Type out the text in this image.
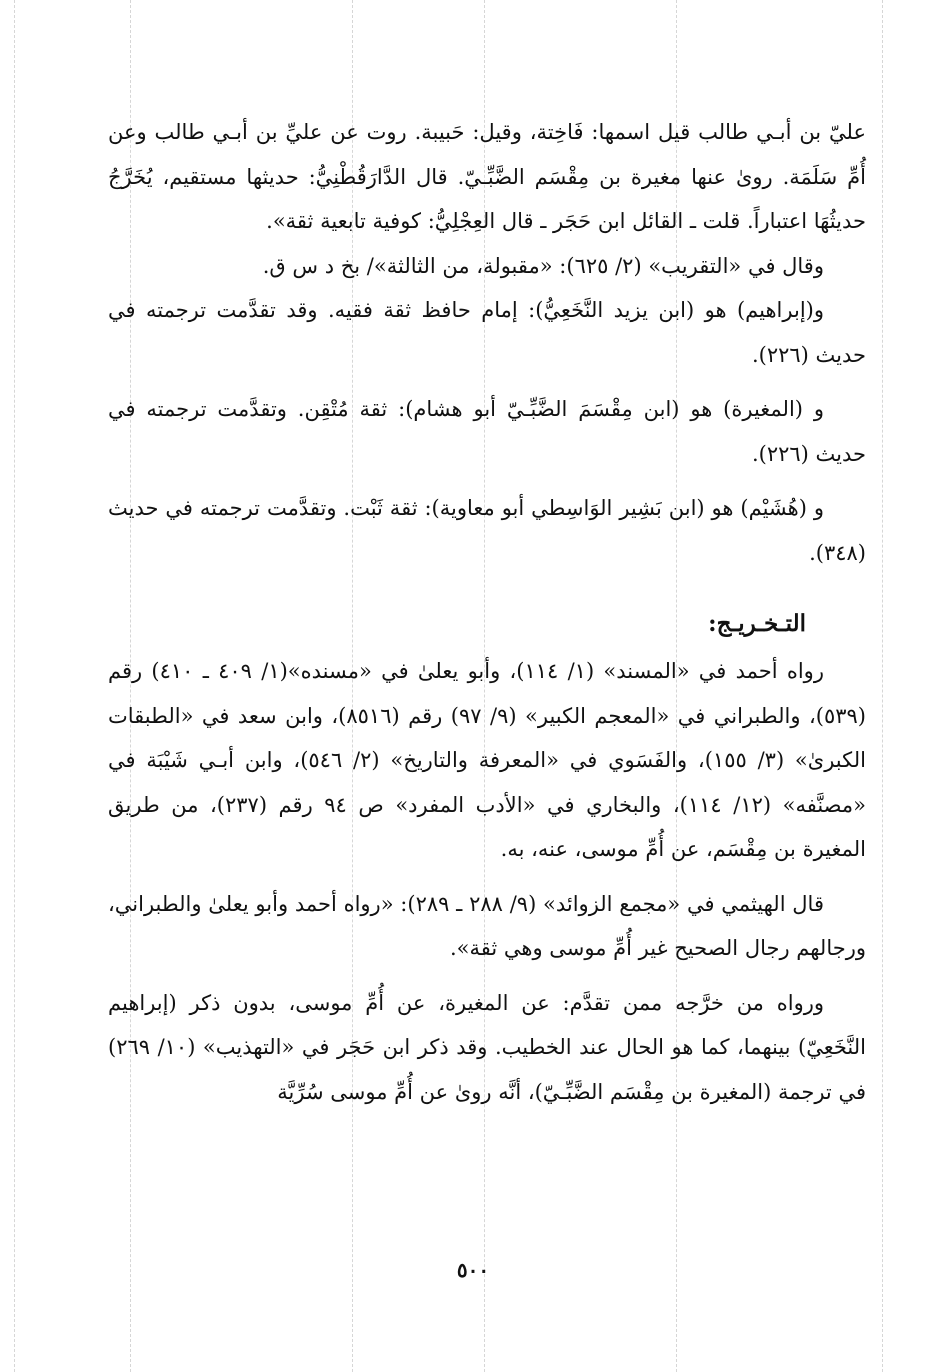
عليّ بن أبـي طالب قيل اسمها: فَاخِتة، وقيل: حَبيبة. روت عن عليِّ بن أبـي طالب وعن أُمِّ سَلَمَة. روىٰ عنها مغيرة بن مِقْسَم الضَّبِّـيّ. قال الدَّارَقُطْنِيُّ: حديثها مستقيم، يُخَرَّجُ حديثُهَا اعتباراً. قلت ـ القائل ابن حَجَر ـ قال العِجْلِيُّ: كوفية تابعية ثقة».

وقال في «التقريب» (٢/ ٦٢٥): «مقبولة، من الثالثة»/ بخ د س ق.

و(إبراهيم) هو (ابن يزيد النَّخَعِيُّ): إمام حافظ ثقة فقيه. وقد تقدَّمت ترجمته في حديث (٢٢٦).

و (المغيرة) هو (ابن مِقْسَمَ الضَّبِّـيّ أبو هشام): ثقة مُتْقِن. وتقدَّمت ترجمته في حديث (٢٢٦).

و (هُشَيْم) هو (ابن بَشِير الوَاسِطي أبو معاوية): ثقة ثَبْت. وتقدَّمت ترجمته في حديث (٣٤٨).

التـخـريـج:

رواه أحمد في «المسند» (١/ ١١٤)، وأبو يعلىٰ في «مسنده»(١/ ٤٠٩ ـ ٤١٠) رقم (٥٣٩)، والطبراني في «المعجم الكبير» (٩/ ٩٧) رقم (٨٥١٦)، وابن سعد في «الطبقات الكبرىٰ» (٣/ ١٥٥)، والفَسَوي في «المعرفة والتاريخ» (٢/ ٥٤٦)، وابن أبـي شَيْبَة في «مصنَّفه» (١٢/ ١١٤)، والبخاري في «الأدب المفرد» ص ٩٤ رقم (٢٣٧)، من طريق المغيرة بن مِقْسَم، عن أُمِّ موسى، عنه، به.

قال الهيثمي في «مجمع الزوائد» (٩/ ٢٨٨ ـ ٢٨٩): «رواه أحمد وأبو يعلىٰ والطبراني، ورجالهم رجال الصحيح غير أُمِّ موسى وهي ثقة».

ورواه من خرَّجه ممن تقدَّم: عن المغيرة، عن أُمِّ موسى، بدون ذكر (إبراهيم النَّخَعِيّ) بينهما، كما هو الحال عند الخطيب. وقد ذكر ابن حَجَر في «التهذيب» (١٠/ ٢٦٩) في ترجمة (المغيرة بن مِقْسَم الضَّبِّـيّ)، أنَّه روىٰ عن أُمِّ موسى سُرِّيَّة

٥٠٠
